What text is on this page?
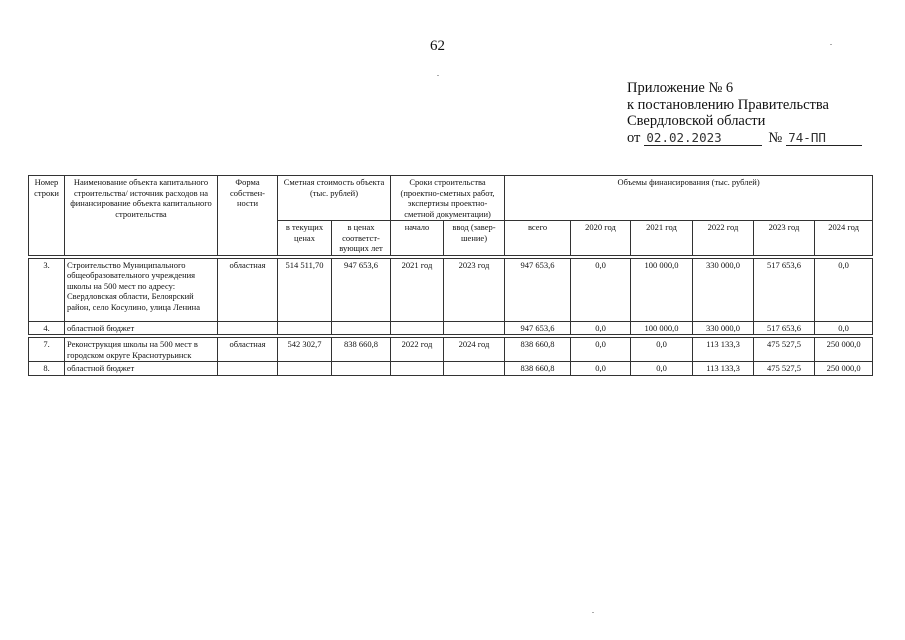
62
Приложение № 6
к постановлению Правительства
Свердловской области
от 02.02.2023	№ 74-ПП
Номер строки	Наименование объекта капитального строительства/ источник расходов на финансирование объекта капитального строительства	Форма собствен-ности	Сметная стоимость объекта (тыс. рублей)		Сроки строительства (проектно-сметных работ, экспертизы проектно-сметной документации)		Объемы финансирования (тыс. рублей)					
			в текущих ценах	в ценах соответст-вующих лет	начало	ввод (завер-шение)	всего	2020 год	2021 год	2022 год	2023 год	2024 год

3.	Строительство Муниципального общеобразовательного учреждения школы на 500 мест по адресу: Свердловская области, Белоярский район, село Косулино, улица Ленина	областная	514 511,70	947 653,6	2021 год	2023 год	947 653,6	0,0	100 000,0	330 000,0	517 653,6	0,0
4.	областной бюджет						947 653,6	0,0	100 000,0	330 000,0	517 653,6	0,0

7.	Реконструкция школы на 500 мест в городском округе Краснотурьинск	областная	542 302,7	838 660,8	2022 год	2024 год	838 660,8	0,0	0,0	113 133,3	475 527,5	250 000,0
8.	областной бюджет						838 660,8	0,0	0,0	113 133,3	475 527,5	250 000,0
